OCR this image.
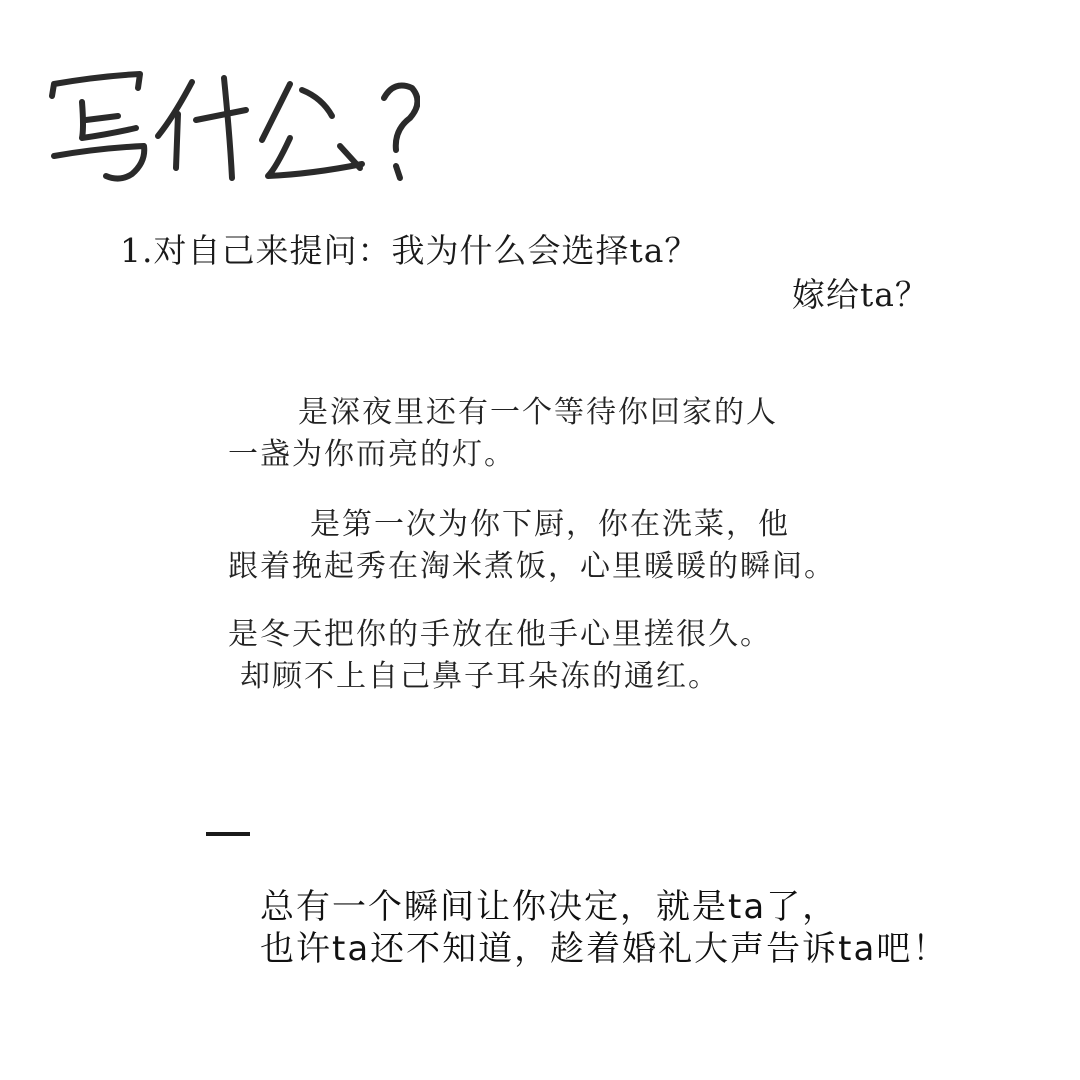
1.对自己来提问：我为什么会选择ta？
嫁给ta？
是深夜里还有一个等待你回家的人
一盏为你而亮的灯。
是第一次为你下厨，你在洗菜，他
跟着挽起秀在淘米煮饭，心里暖暖的瞬间。
是冬天把你的手放在他手心里搓很久。
却顾不上自己鼻子耳朵冻的通红。
总有一个瞬间让你决定，就是ta了，
也许ta还不知道，趁着婚礼大声告诉ta吧！
